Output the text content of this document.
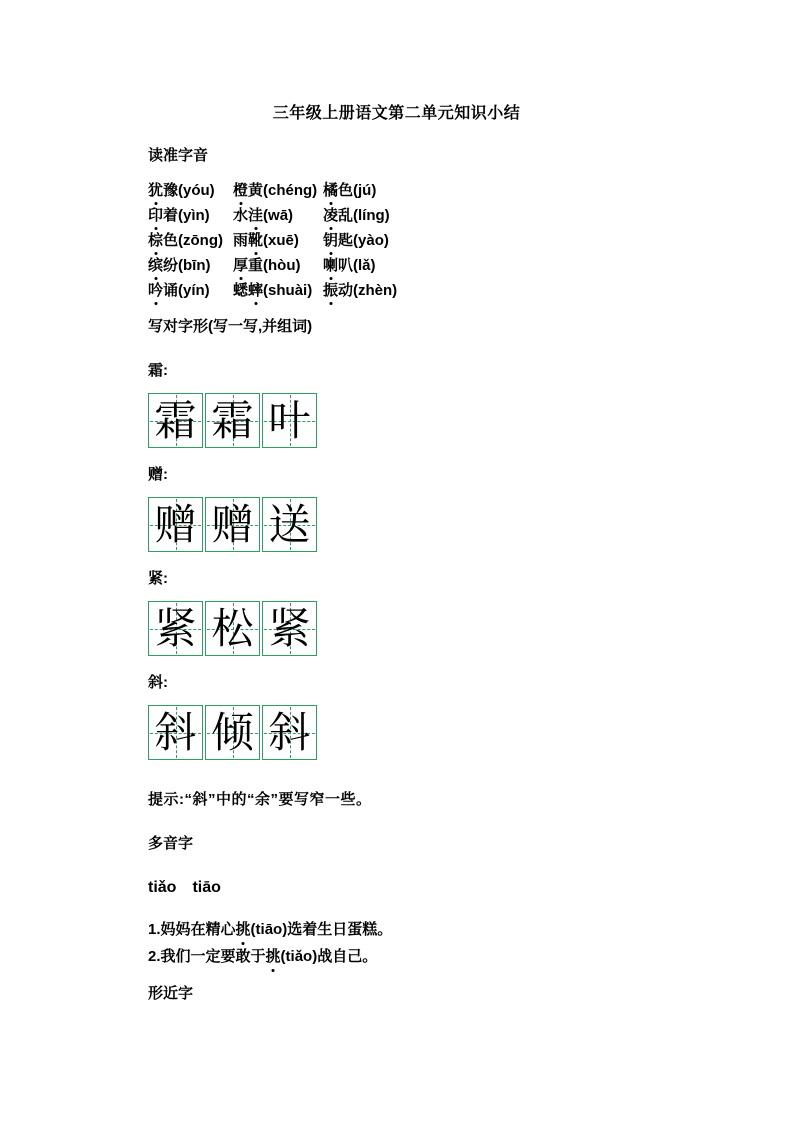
三年级上册语文第二单元知识小结
读准字音
犹豫(yóu)	橙黄(chéng) 橘色(jú)
印着(yìn)	水洼(wā)	凌乱(líng)
棕色(zōng) 雨靴(xuē)	钥匙(yào)
缤纷(bīn)	厚重(hòu)	喇叭(lǎ)
吟诵(yín)	蟋蟀(shuài) 振动(zhèn)
写对字形(写一写,并组词)
霜:
霜 霜 叶
赠:
赠 赠 送
紧:
紧 松 紧
斜:
斜 倾 斜
提示:“斜”中的“余”要写窄一些。
多音字
tiǎo tiāo
1.妈妈在精心挑(tiāo)选着生日蛋糕。
2.我们一定要敢于挑(tiǎo)战自己。
形近字
